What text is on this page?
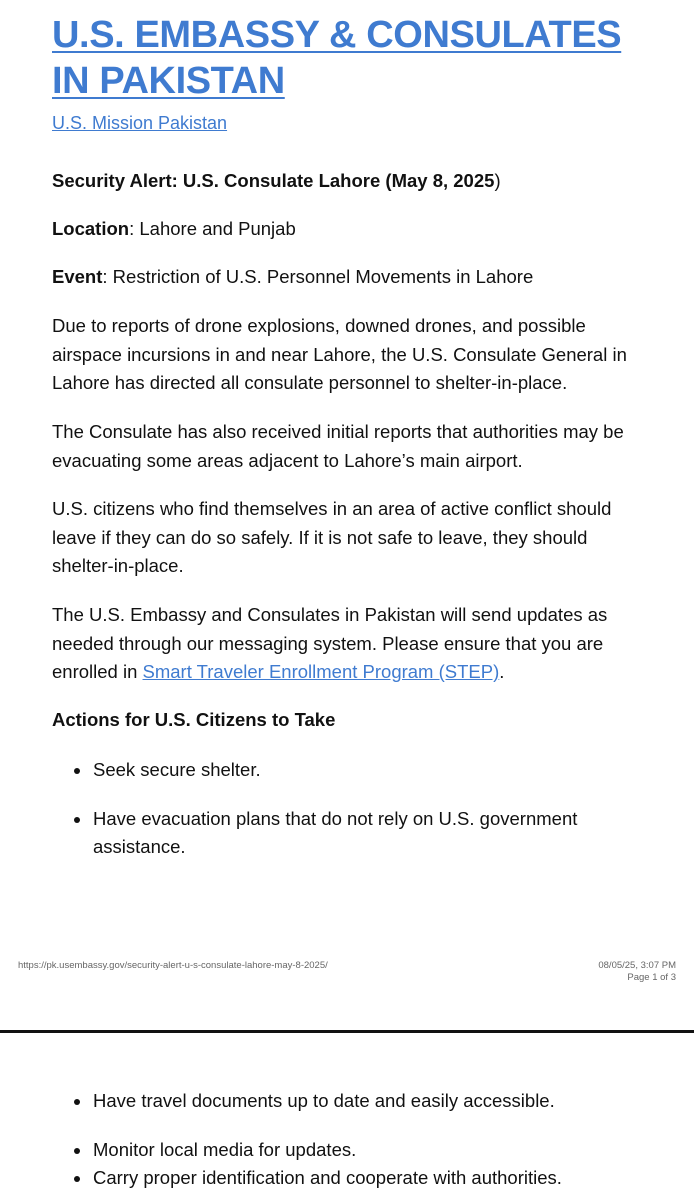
U.S. EMBASSY & CONSULATES IN PAKISTAN
U.S. Mission Pakistan

Security Alert: U.S. Consulate Lahore (May 8, 2025)

Location: Lahore and Punjab

Event: Restriction of U.S. Personnel Movements in Lahore

Due to reports of drone explosions, downed drones, and possible airspace incursions in and near Lahore, the U.S. Consulate General in Lahore has directed all consulate personnel to shelter-in-place.

The Consulate has also received initial reports that authorities may be evacuating some areas adjacent to Lahore’s main airport.

U.S. citizens who find themselves in an area of active conflict should leave if they can do so safely. If it is not safe to leave, they should shelter-in-place.

The U.S. Embassy and Consulates in Pakistan will send updates as needed through our messaging system. Please ensure that you are enrolled in Smart Traveler Enrollment Program (STEP).

Actions for U.S. Citizens to Take

Seek secure shelter.
Have evacuation plans that do not rely on U.S. government assistance.
https://pk.usembassy.gov/security-alert-u-s-consulate-lahore-may-8-2025/	08/05/25, 3:07 PM
Page 1 of 3
Have travel documents up to date and easily accessible.
Monitor local media for updates.
Carry proper identification and cooperate with authorities.
